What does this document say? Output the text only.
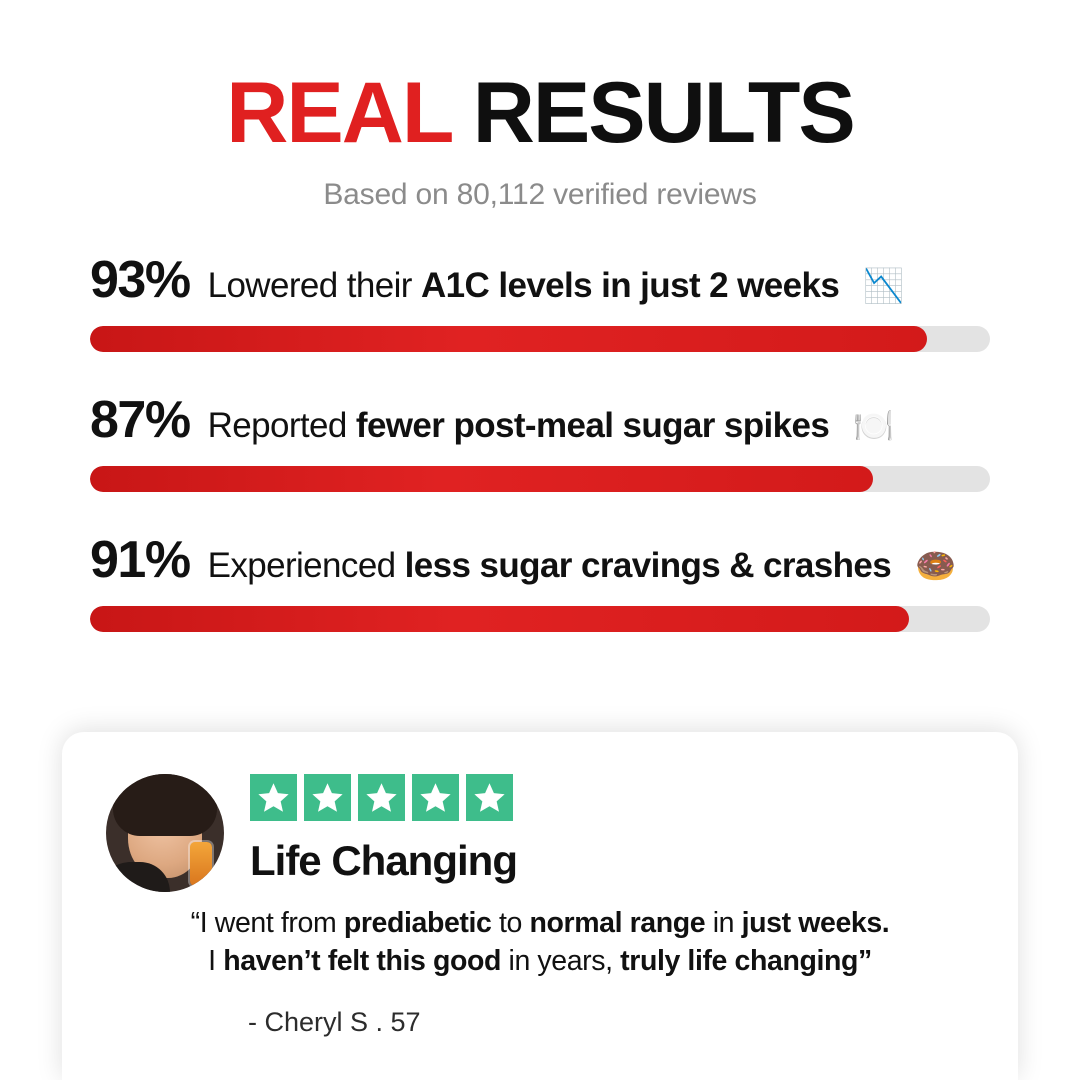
REAL RESULTS
Based on 80,112 verified reviews
93% Lowered their A1C levels in just 2 weeks 📉
87% Reported fewer post-meal sugar spikes 🍽️
91% Experienced less sugar cravings & crashes 🍩
Life Changing
“I went from prediabetic to normal range in just weeks.
I haven’t felt this good in years, truly life changing”
- Cheryl S . 57
